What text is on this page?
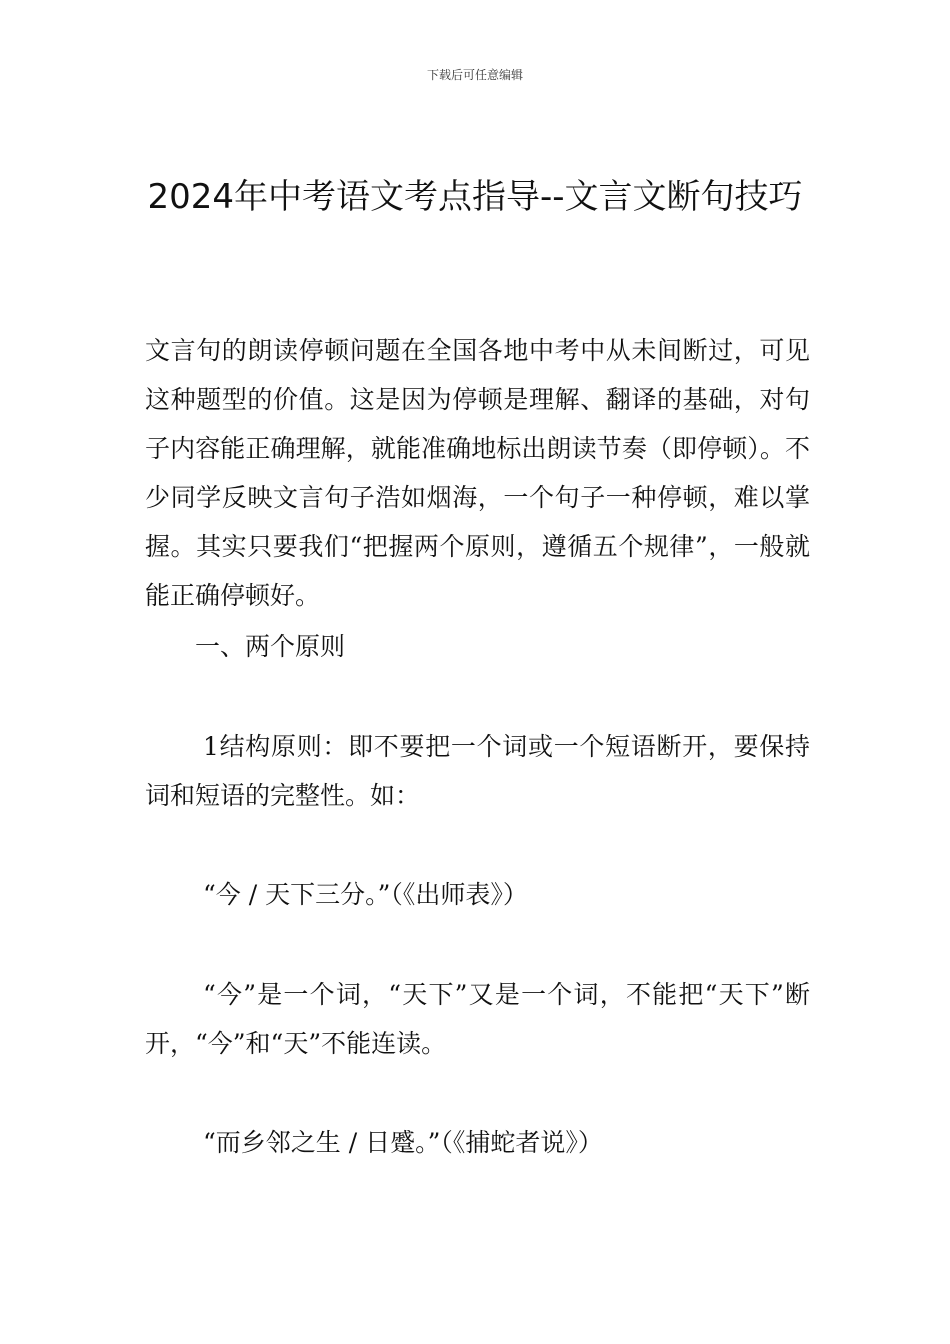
下载后可任意编辑
2024年中考语文考点指导--文言文断句技巧

文言句的朗读停顿问题在全国各地中考中从未间断过，可见这种题型的价值。这是因为停顿是理解、翻译的基础，对句子内容能正确理解，就能准确地标出朗读节奏（即停顿）。不少同学反映文言句子浩如烟海，一个句子一种停顿，难以掌握。其实只要我们“把握两个原则，遵循五个规律”，一般就能正确停顿好。

一、两个原则

1结构原则：即不要把一个词或一个短语断开，要保持词和短语的完整性。如：

“今 / 天下三分。”（《出师表》）

“今”是一个词，“天下”又是一个词，不能把“天下”断开，“今”和“天”不能连读。

“而乡邻之生 / 日蹙。”（《捕蛇者说》）
